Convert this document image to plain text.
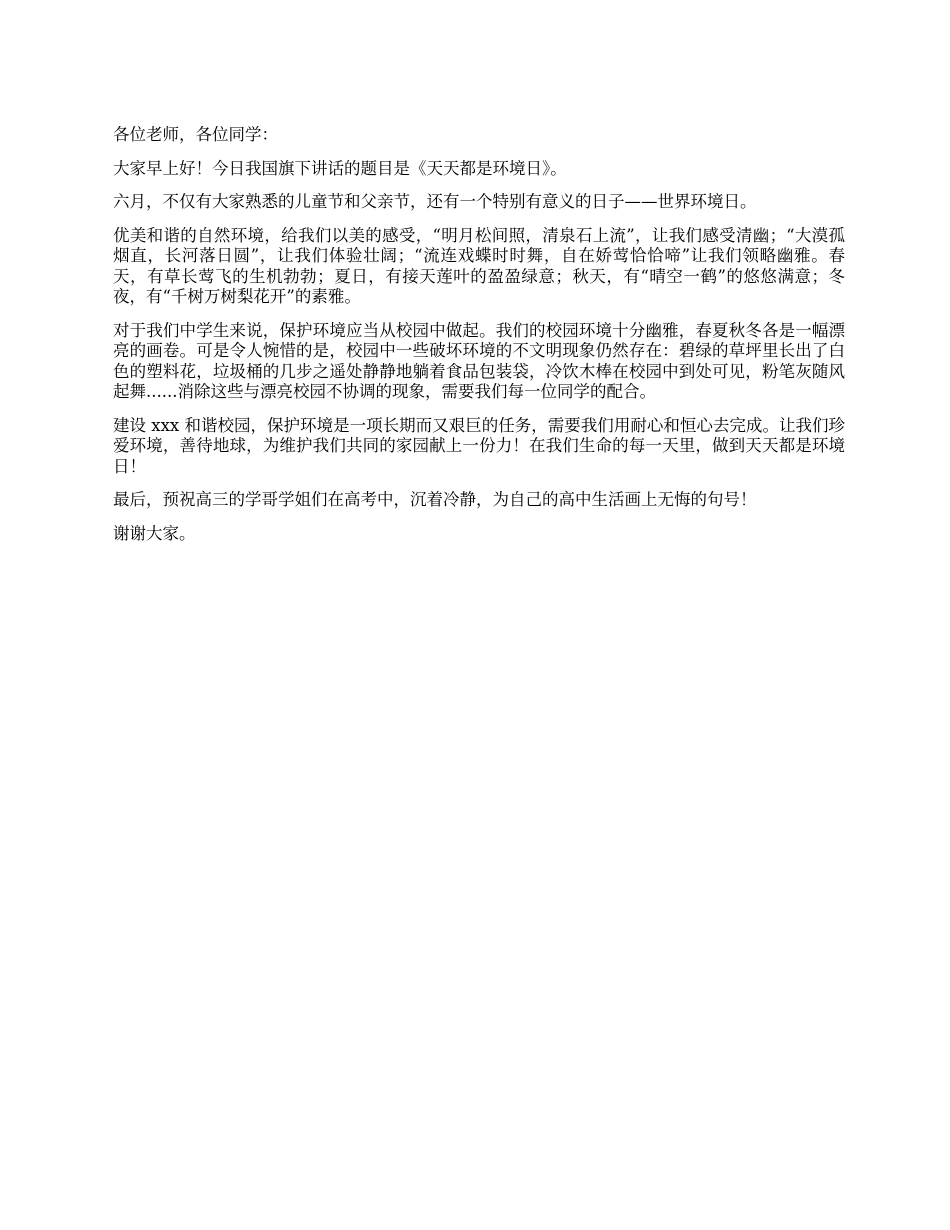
各位老师，各位同学：

大家早上好！今日我国旗下讲话的题目是《天天都是环境日》。

六月，不仅有大家熟悉的儿童节和父亲节，还有一个特别有意义的日子——世界环境日。

优美和谐的自然环境，给我们以美的感受，“明月松间照，清泉石上流”，让我们感受清幽；“大漠孤烟直，长河落日圆”，让我们体验壮阔；“流连戏蝶时时舞，自在娇莺恰恰啼”让我们领略幽雅。春天，有草长莺飞的生机勃勃；夏日，有接天莲叶的盈盈绿意；秋天，有“晴空一鹤”的悠悠满意；冬夜，有“千树万树梨花开”的素雅。

对于我们中学生来说，保护环境应当从校园中做起。我们的校园环境十分幽雅，春夏秋冬各是一幅漂亮的画卷。可是令人惋惜的是，校园中一些破坏环境的不文明现象仍然存在：碧绿的草坪里长出了白色的塑料花，垃圾桶的几步之遥处静静地躺着食品包装袋，冷饮木棒在校园中到处可见，粉笔灰随风起舞......消除这些与漂亮校园不协调的现象，需要我们每一位同学的配合。

建设 xxx 和谐校园，保护环境是一项长期而又艰巨的任务，需要我们用耐心和恒心去完成。让我们珍爱环境，善待地球，为维护我们共同的家园献上一份力！在我们生命的每一天里，做到天天都是环境日！

最后，预祝高三的学哥学姐们在高考中，沉着冷静，为自己的高中生活画上无悔的句号！

谢谢大家。
